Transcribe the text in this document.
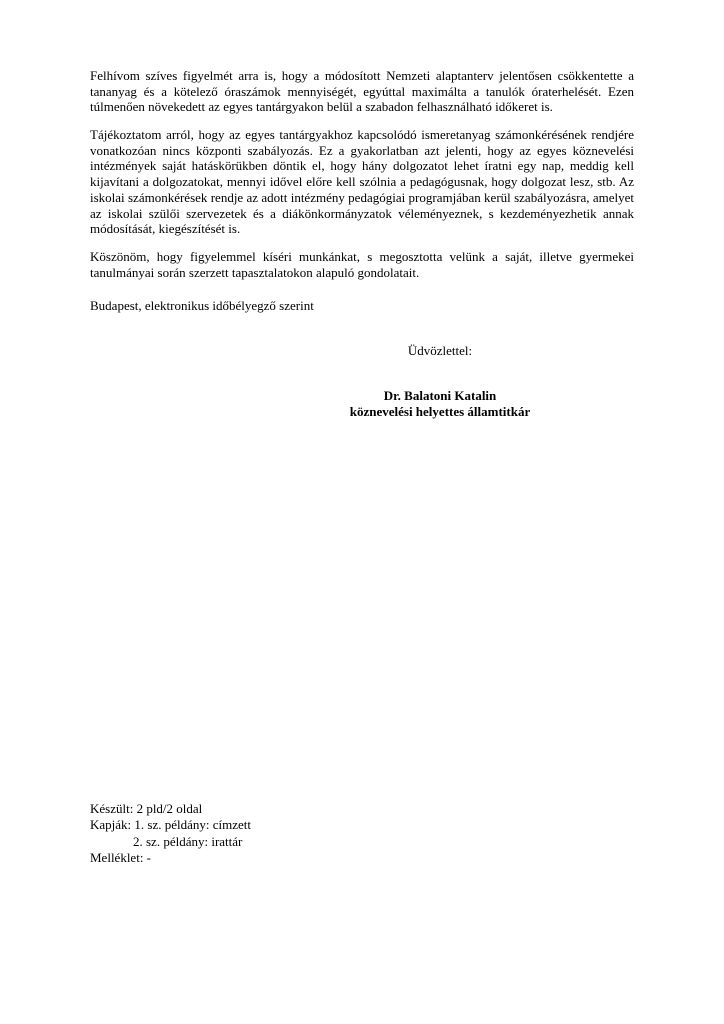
Felhívom szíves figyelmét arra is, hogy a módosított Nemzeti alaptanterv jelentősen csökkentette a tananyag és a kötelező óraszámok mennyiségét, egyúttal maximálta a tanulók óraterhelését. Ezen túlmenően növekedett az egyes tantárgyakon belül a szabadon felhasználható időkeret is.

Tájékoztatom arról, hogy az egyes tantárgyakhoz kapcsolódó ismeretanyag számonkérésének rendjére vonatkozóan nincs központi szabályozás. Ez a gyakorlatban azt jelenti, hogy az egyes köznevelési intézmények saját hatáskörükben döntik el, hogy hány dolgozatot lehet íratni egy nap, meddig kell kijavítani a dolgozatokat, mennyi idővel előre kell szólnia a pedagógusnak, hogy dolgozat lesz, stb. Az iskolai számonkérések rendje az adott intézmény pedagógiai programjában kerül szabályozásra, amelyet az iskolai szülői szervezetek és a diákönkormányzatok véleményeznek, s kezdeményezhetik annak módosítását, kiegészítését is.

Köszönöm, hogy figyelemmel kíséri munkánkat, s megosztotta velünk a saját, illetve gyermekei tanulmányai során szerzett tapasztalatokon alapuló gondolatait.

Budapest, elektronikus időbélyegző szerint

Üdvözlettel:

Dr. Balatoni Katalin
köznevelési helyettes államtitkár
Készült: 2 pld/2 oldal
Kapják: 1. sz. példány: címzett
2. sz. példány: irattár
Melléklet: -
